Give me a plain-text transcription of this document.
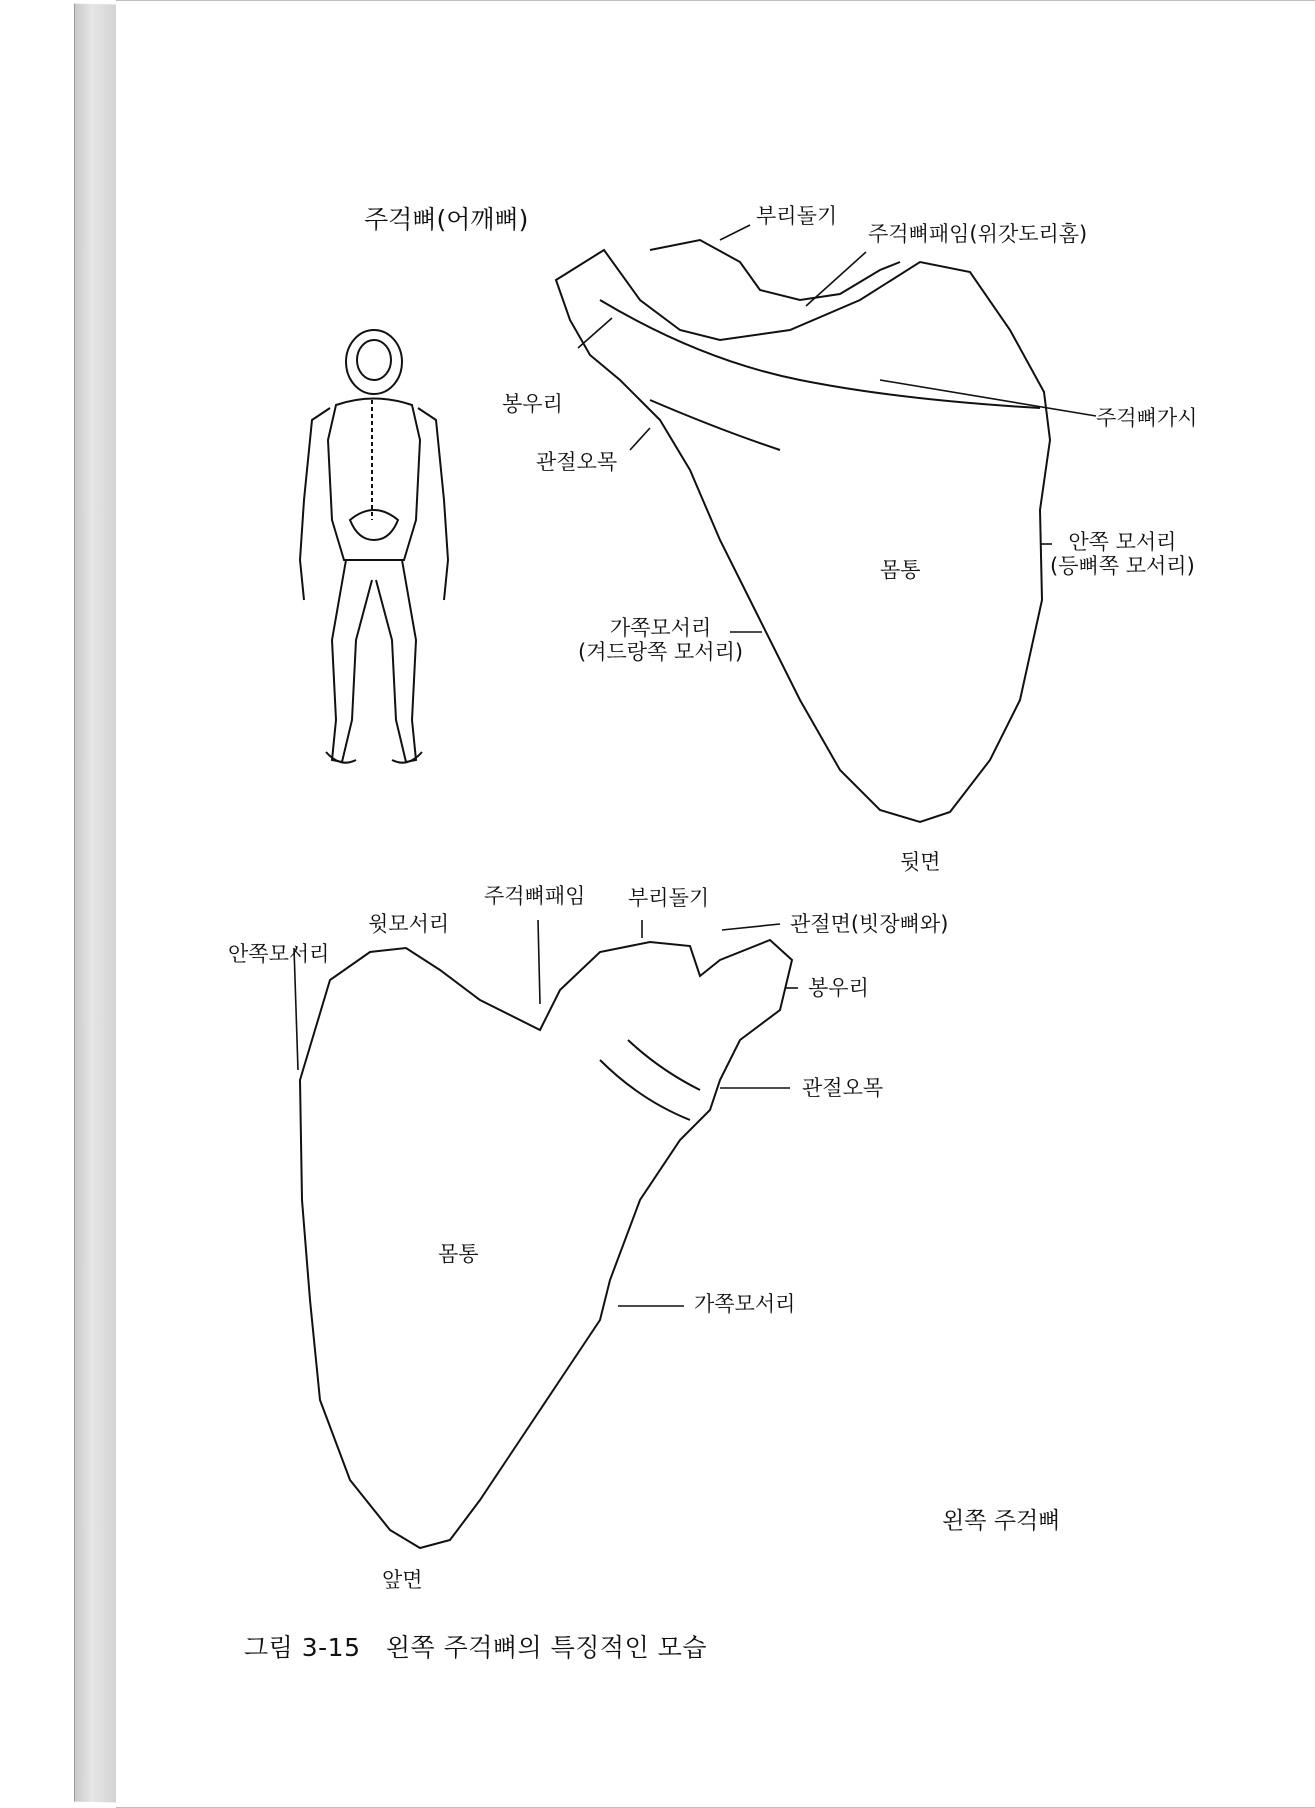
주걱뼈(어깨뼈)	부리돌기
주걱뼈패임(위갓도리홈)
봉우리
주걱뼈가시
관절오목
안쪽 모서리
(등뼈쪽 모서리)
몸통
가쪽모서리
(겨드랑쪽 모서리)
뒷면
주걱뼈패임 부리돌기
관절면(빗장뼈와)
윗모서리
안쪽모서리
봉우리
관절오목
몸통
가쪽모서리
왼쪽 주걱뼈
앞면
그림 3-15   왼쪽 주걱뼈의 특징적인 모습
